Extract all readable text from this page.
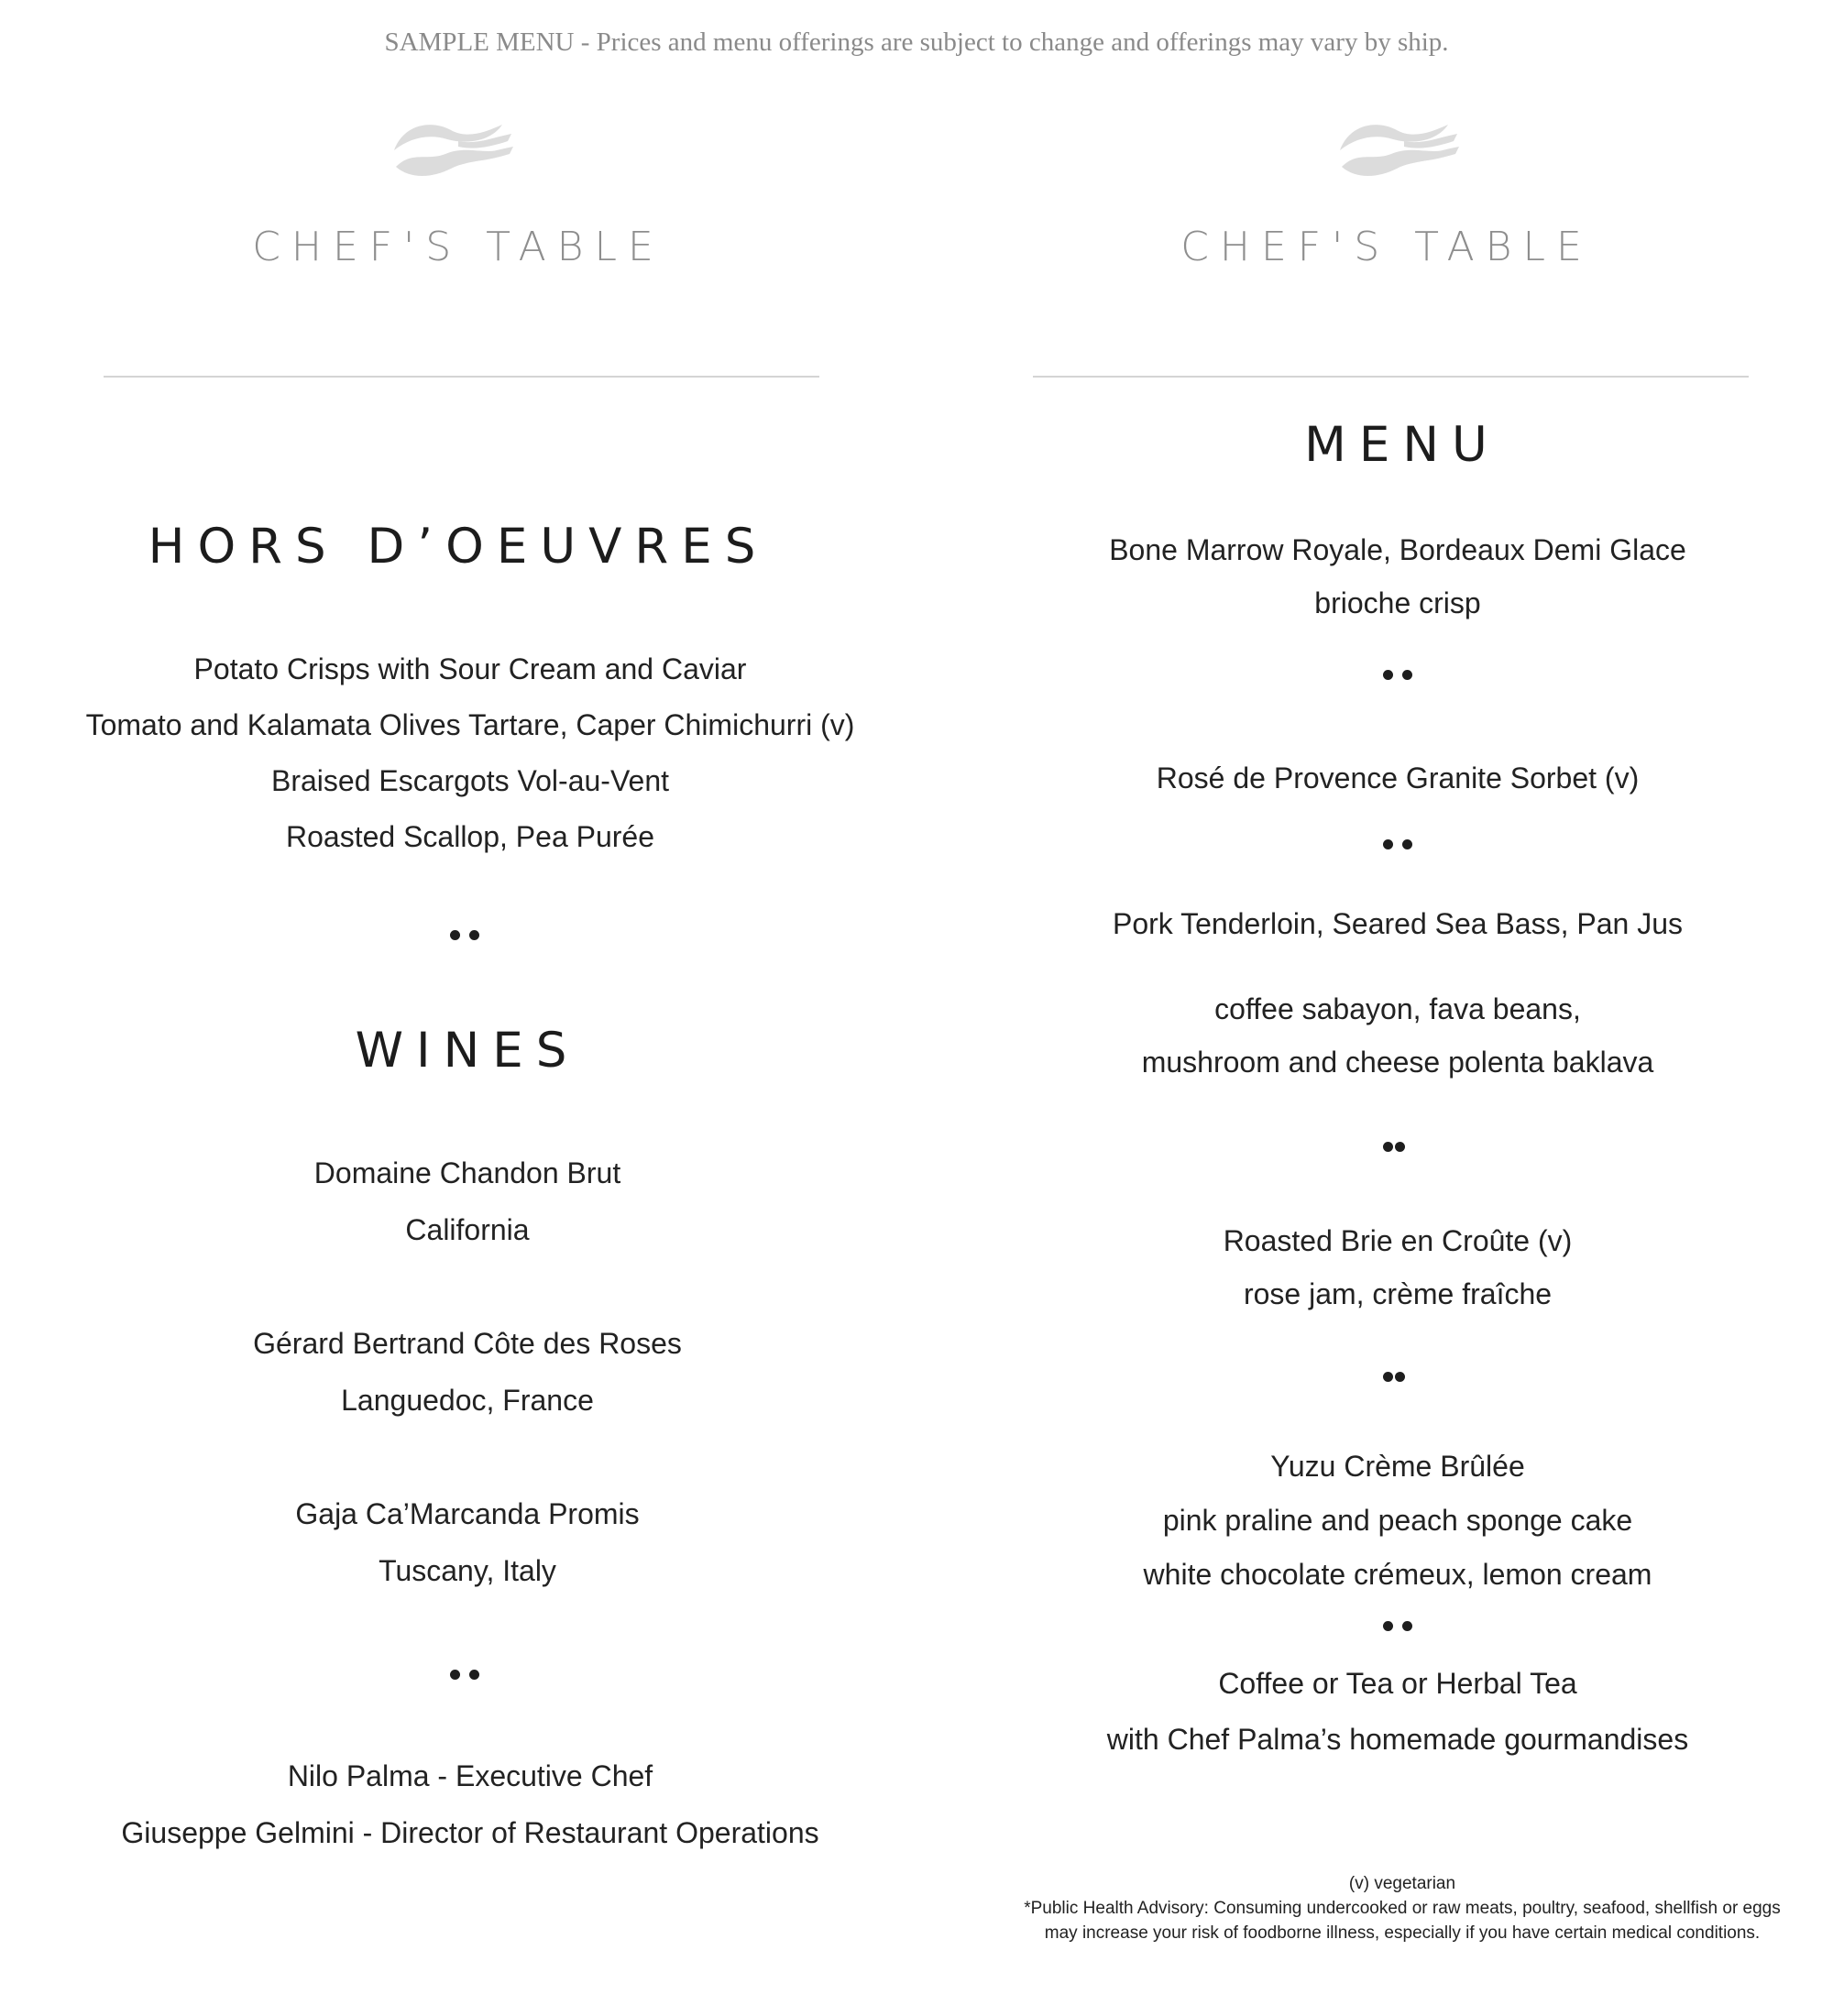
SAMPLE MENU - Prices and menu offerings are subject to change and offerings may vary by ship.
CHEF'S TABLE
HORS D’OEUVRES
Potato Crisps with Sour Cream and Caviar
Tomato and Kalamata Olives Tartare, Caper Chimichurri (v)
Braised Escargots Vol-au-Vent
Roasted Scallop, Pea Purée
WINES
Domaine Chandon Brut
California
Gérard Bertrand Côte des Roses
Languedoc, France
Gaja Ca’Marcanda Promis
Tuscany, Italy
Nilo Palma - Executive Chef
Giuseppe Gelmini - Director of Restaurant Operations
CHEF'S TABLE
MENU
Bone Marrow Royale, Bordeaux Demi Glace
brioche crisp
Rosé de Provence Granite Sorbet (v)
Pork Tenderloin, Seared Sea Bass, Pan Jus
coffee sabayon, fava beans,
mushroom and cheese polenta baklava
Roasted Brie en Croûte (v)
rose jam, crème fraîche
Yuzu Crème Brûlée
pink praline and peach sponge cake
white chocolate crémeux, lemon cream
Coffee or Tea or Herbal Tea
with Chef Palma’s homemade gourmandises
(v) vegetarian
*Public Health Advisory: Consuming undercooked or raw meats, poultry, seafood, shellfish or eggs
may increase your risk of foodborne illness, especially if you have certain medical conditions.
